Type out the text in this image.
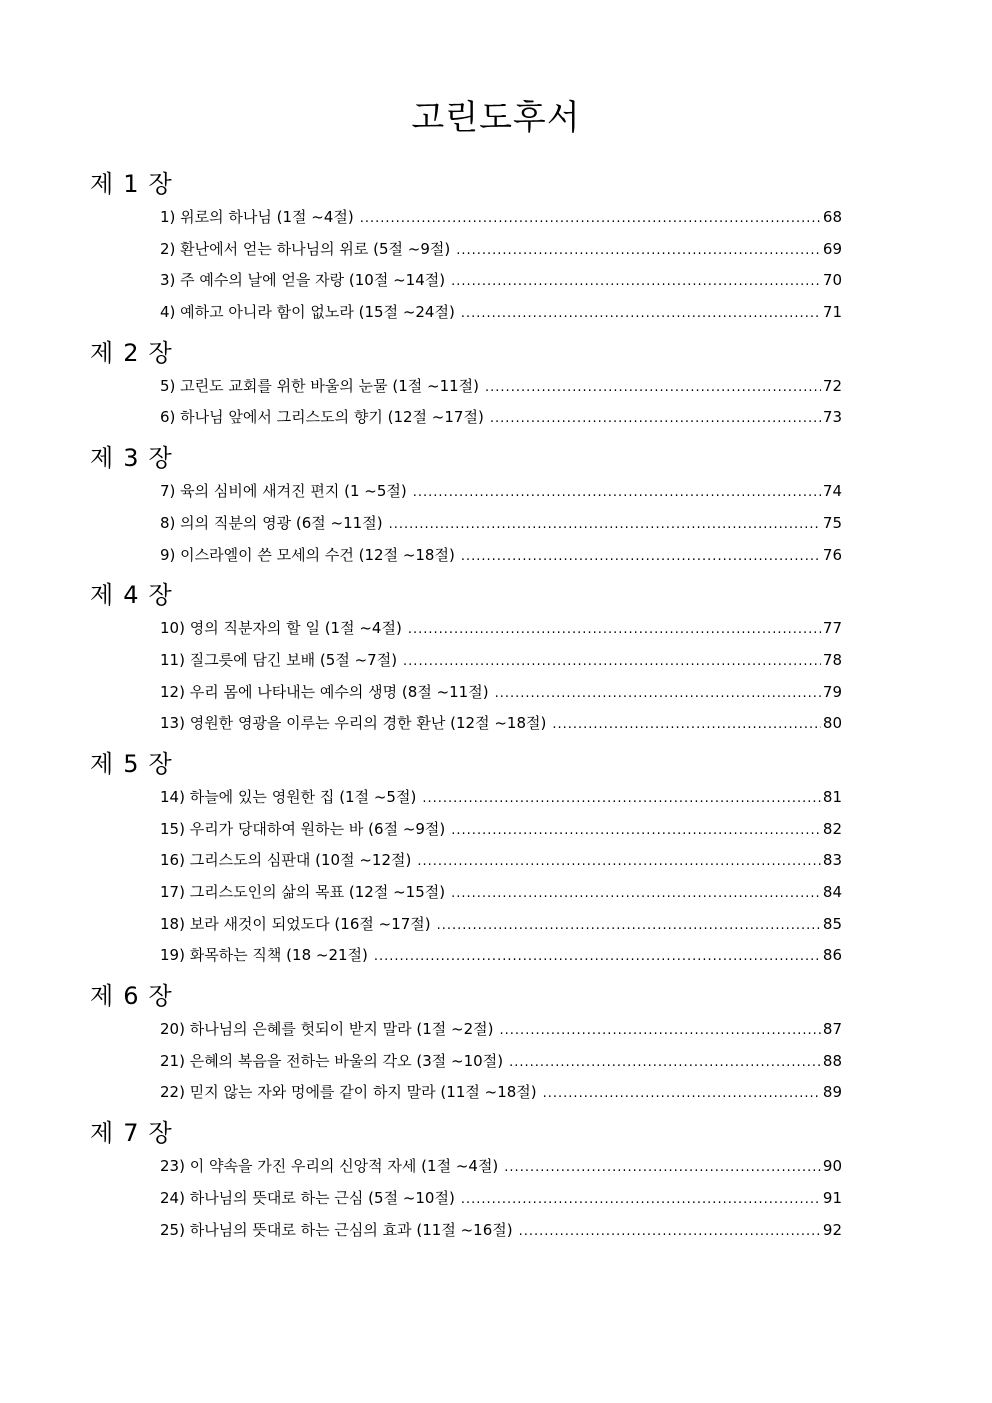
고린도후서
제 1 장
1) 위로의 하나님 (1절 ~4절) .....	68
2) 환난에서 얻는 하나님의 위로 (5절 ~9절) .....	69
3) 주 예수의 날에 얻을 자랑 (10절 ~14절) .....	70
4) 예하고 아니라 함이 없노라 (15절 ~24절) .....	71
제 2 장
5) 고린도 교회를 위한 바울의 눈물 (1절 ~11절) .....	72
6) 하나님 앞에서 그리스도의 향기 (12절 ~17절) .....	73
제 3 장
7) 육의 심비에 새겨진 편지 (1 ~5절) .....	74
8) 의의 직분의 영광 (6절 ~11절) .....	75
9) 이스라엘이 쓴 모세의 수건 (12절 ~18절) .....	76
제 4 장
10) 영의 직분자의 할 일 (1절 ~4절) .....	77
11) 질그릇에 담긴 보배 (5절 ~7절) .....	78
12) 우리 몸에 나타내는 예수의 생명 (8절 ~11절) .....	79
13) 영원한 영광을 이루는 우리의 경한 환난 (12절 ~18절) .....	80
제 5 장
14) 하늘에 있는 영원한 집 (1절 ~5절) .....	81
15) 우리가 당대하여 원하는 바 (6절 ~9절) .....	82
16) 그리스도의 심판대 (10절 ~12절) .....	83
17) 그리스도인의 삶의 목표 (12절 ~15절) .....	84
18) 보라 새것이 되었도다 (16절 ~17절) .....	85
19) 화목하는 직책 (18 ~21절) .....	86
제 6 장
20) 하나님의 은혜를 헛되이 받지 말라 (1절 ~2절) .....	87
21) 은혜의 복음을 전하는 바울의 각오 (3절 ~10절) .....	88
22) 믿지 않는 자와 멍에를 같이 하지 말라 (11절 ~18절) .....	89
제 7 장
23) 이 약속을 가진 우리의 신앙적 자세 (1절 ~4절) .....	90
24) 하나님의 뜻대로 하는 근심 (5절 ~10절) .....	91
25) 하나님의 뜻대로 하는 근심의 효과 (11절 ~16절) .....	92
